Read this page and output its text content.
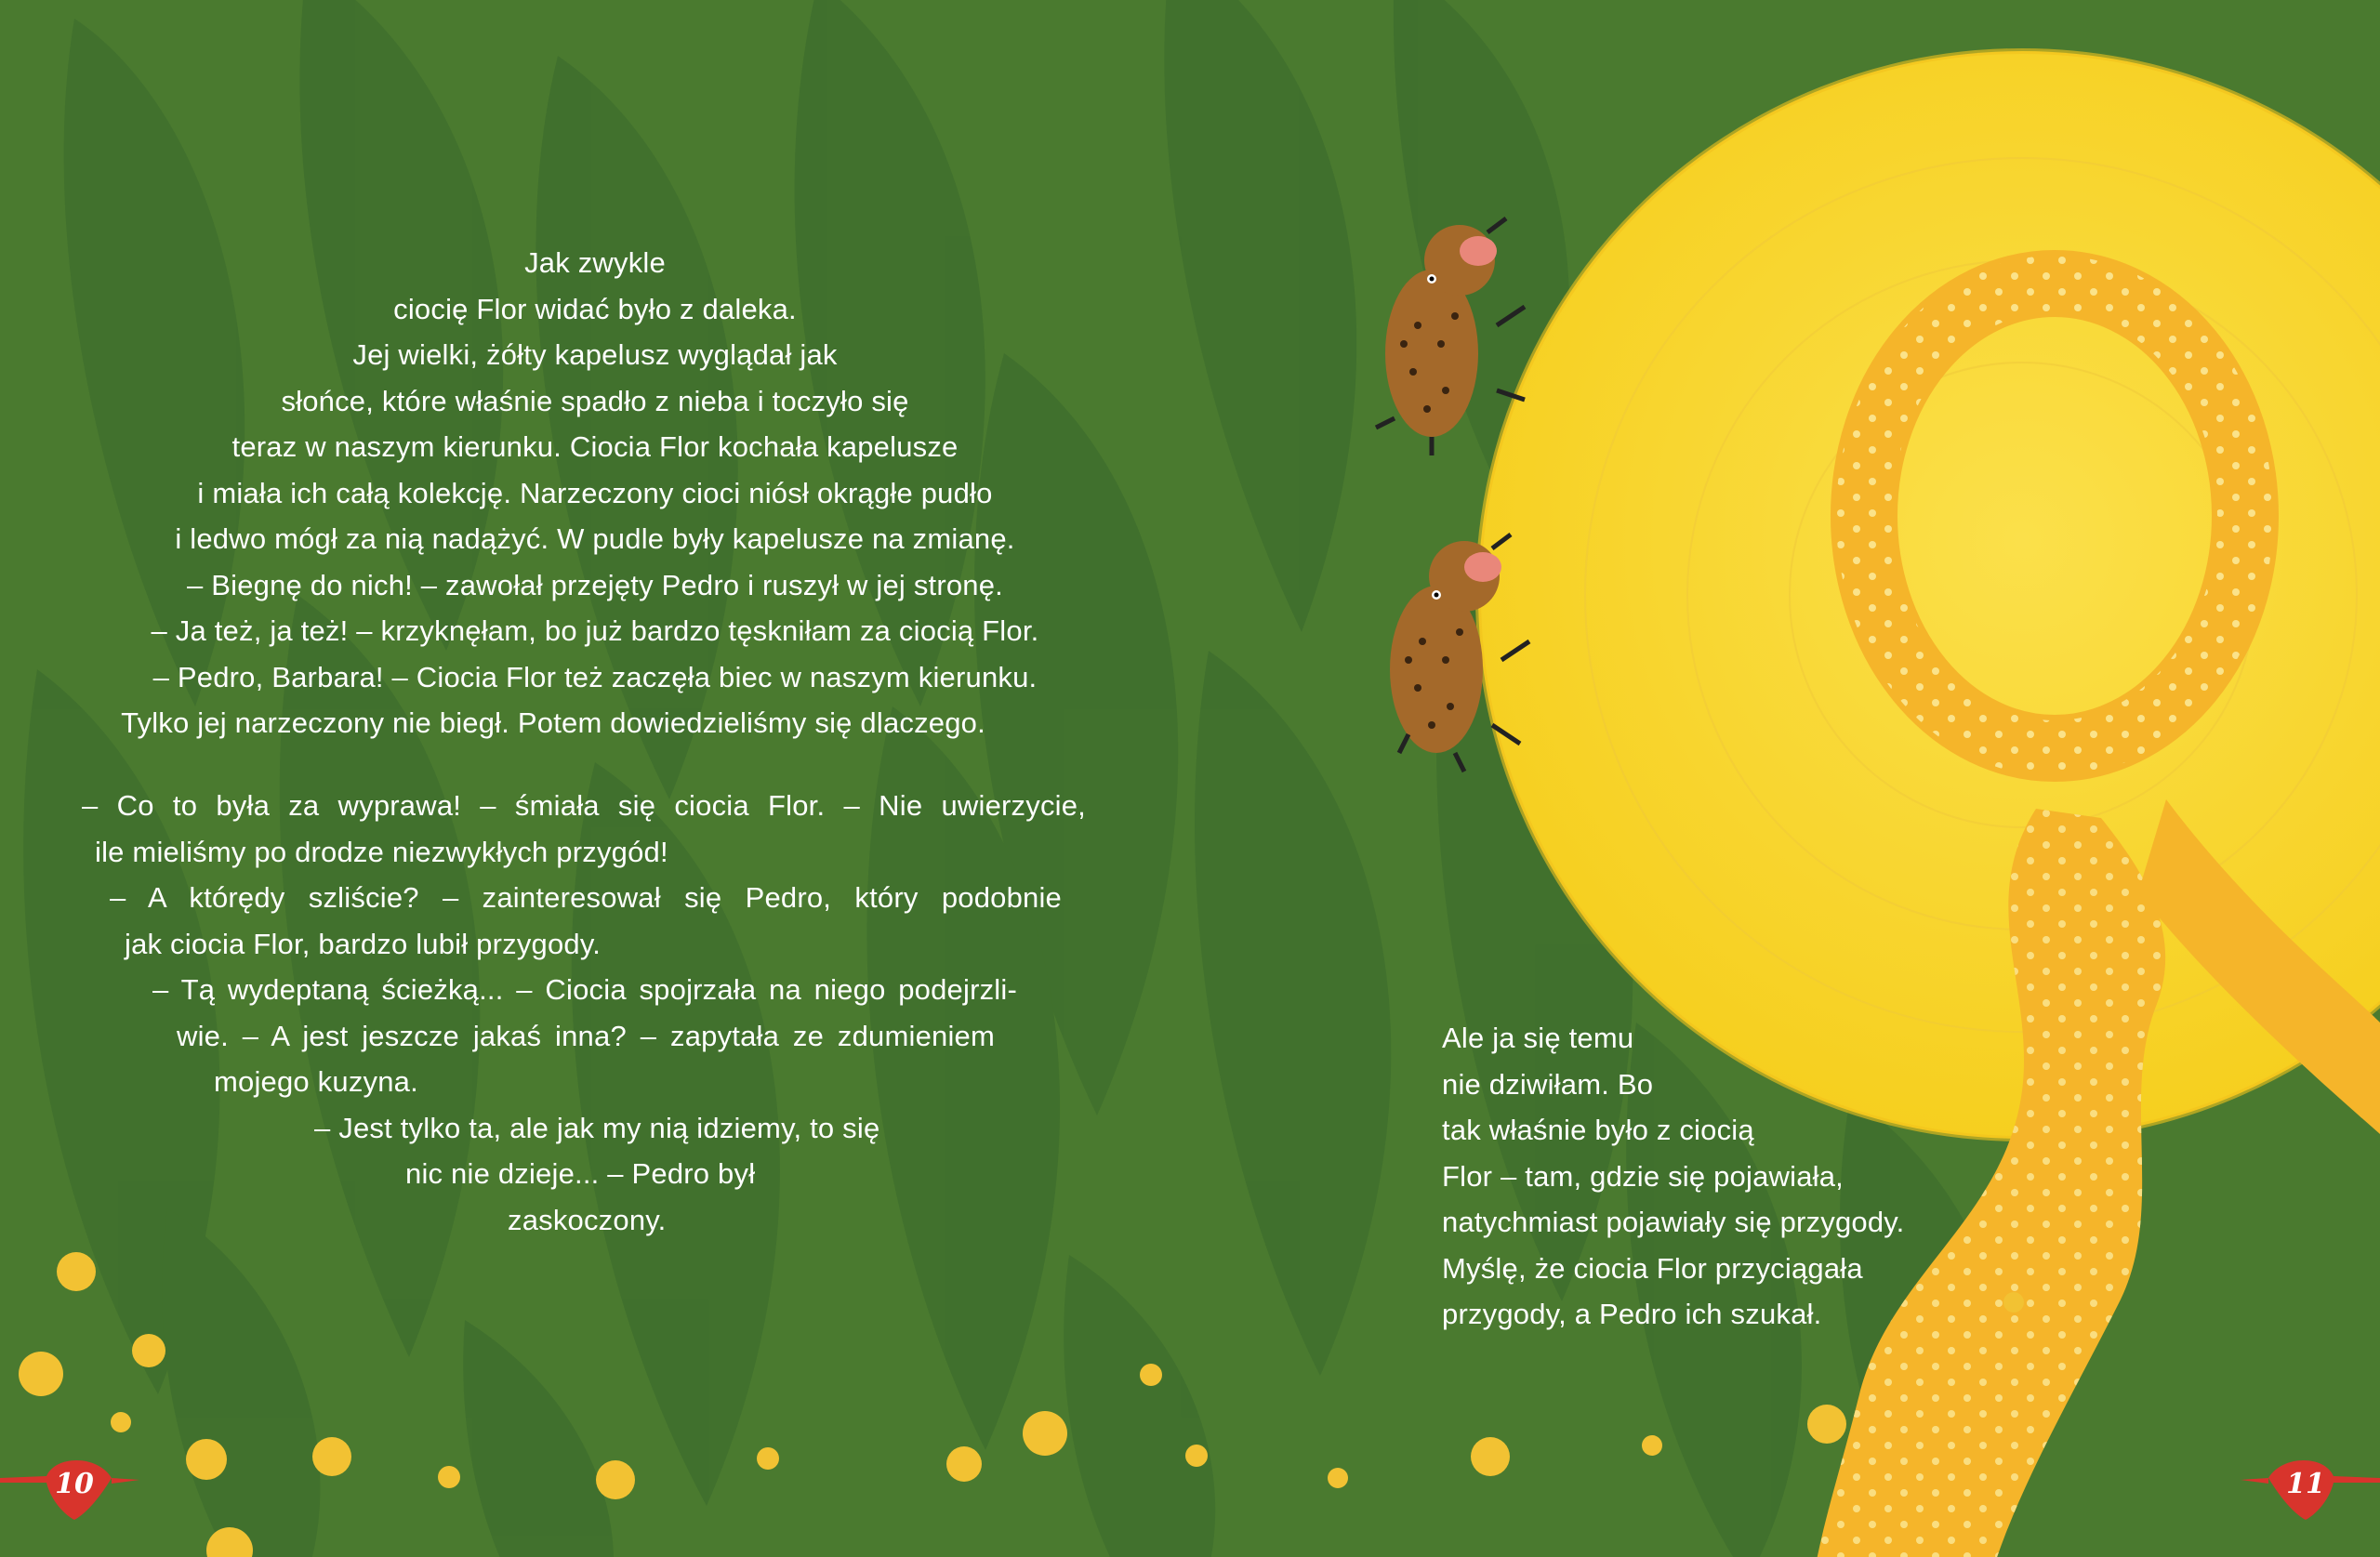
Jak zwykle

ciocię Flor widać było z daleka.

Jej wielki, żółty kapelusz wyglądał jak

słońce, które właśnie spadło z nieba i toczyło się

teraz w naszym kierunku. Ciocia Flor kochała kapelusze

i miała ich całą kolekcję. Narzeczony cioci niósł okrągłe pudło

i ledwo mógł za nią nadążyć. W pudle były kapelusze na zmianę.

– Biegnę do nich! – zawołał przejęty Pedro i ruszył w jej stronę.

– Ja też, ja też! – krzyknęłam, bo już bardzo tęskniłam za ciocią Flor.

– Pedro, Barbara! – Ciocia Flor też zaczęła biec w naszym kierunku.

Tylko jej narzeczony nie biegł. Potem dowiedzieliśmy się dlaczego.

– Co to była za wyprawa! – śmiała się ciocia Flor. – Nie uwierzycie,

ile mieliśmy po drodze niezwykłych przygód!

– A którędy szliście? – zainteresował się Pedro, który podobnie

jak ciocia Flor, bardzo lubił przygody.

– Tą wydeptaną ścieżką... – Ciocia spojrzała na niego podejrzli-

wie. – A jest jeszcze jakaś inna? – zapytała ze zdumieniem

mojego kuzyna.

– Jest tylko ta, ale jak my nią idziemy, to się

nic nie dzieje... – Pedro był

zaskoczony.

Ale ja się temu

nie dziwiłam. Bo

tak właśnie było z ciocią

Flor – tam, gdzie się pojawiała,

natychmiast pojawiały się przygody.

Myślę, że ciocia Flor przyciągała

przygody, a Pedro ich szukał.

10	11
